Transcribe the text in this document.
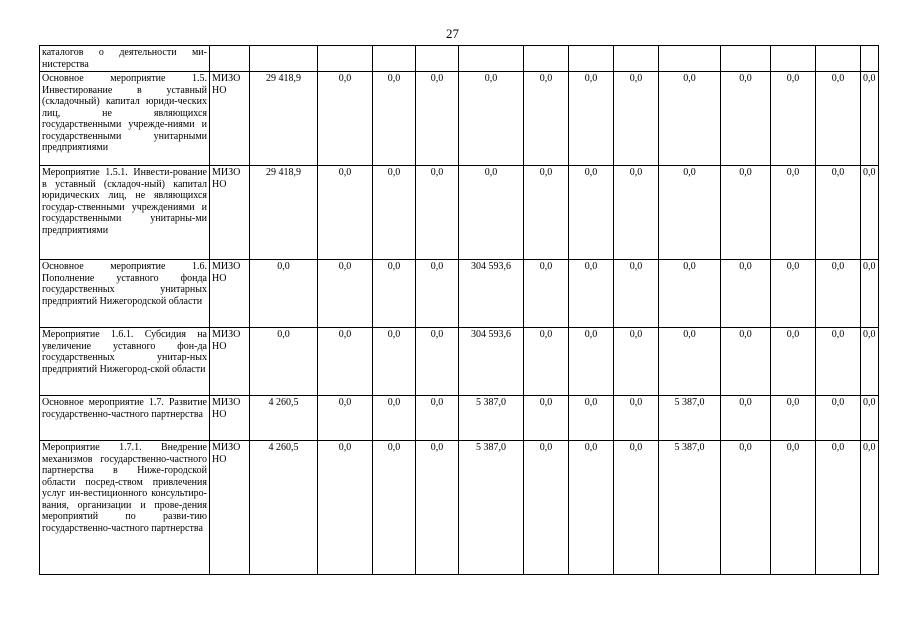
27
каталогов о деятельности ми-нистерства														
Основное мероприятие 1.5. Инвестирование в уставный (складочный) капитал юриди-ческих лиц, не являющихся государственными учрежде-ниями и государственными унитарными предприятиями	МИЗО НО	29 418,9	0,0	0,0	0,0	0,0	0,0	0,0	0,0	0,0	0,0	0,0	0,0	0,0
Мероприятие 1.5.1. Инвести-рование в уставный (складоч-ный) капитал юридических лиц, не являющихся государ-ственными учреждениями и государственными унитарны-ми предприятиями	МИЗО НО	29 418,9	0,0	0,0	0,0	0,0	0,0	0,0	0,0	0,0	0,0	0,0	0,0	0,0
Основное мероприятие 1.6. Пополнение уставного фонда государственных унитарных предприятий Нижегородской области	МИЗО НО	0,0	0,0	0,0	0,0	304 593,6	0,0	0,0	0,0	0,0	0,0	0,0	0,0	0,0
Мероприятие 1.6.1. Субсидия на увеличение уставного фон-да государственных унитар-ных предприятий Нижегород-ской области	МИЗО НО	0,0	0,0	0,0	0,0	304 593,6	0,0	0,0	0,0	0,0	0,0	0,0	0,0	0,0
Основное мероприятие 1.7. Развитие государственно-частного партнерства	МИЗО НО	4 260,5	0,0	0,0	0,0	5 387,0	0,0	0,0	0,0	5 387,0	0,0	0,0	0,0	0,0
Мероприятие 1.7.1. Внедрение механизмов государственно-частного партнерства в Ниже-городской области посред-ством привлечения услуг ин-вестиционного консультиро-вания, организации и прове-дения мероприятий по разви-тию государственно-частного партнерства	МИЗО НО	4 260,5	0,0	0,0	0,0	5 387,0	0,0	0,0	0,0	5 387,0	0,0	0,0	0,0	0,0
